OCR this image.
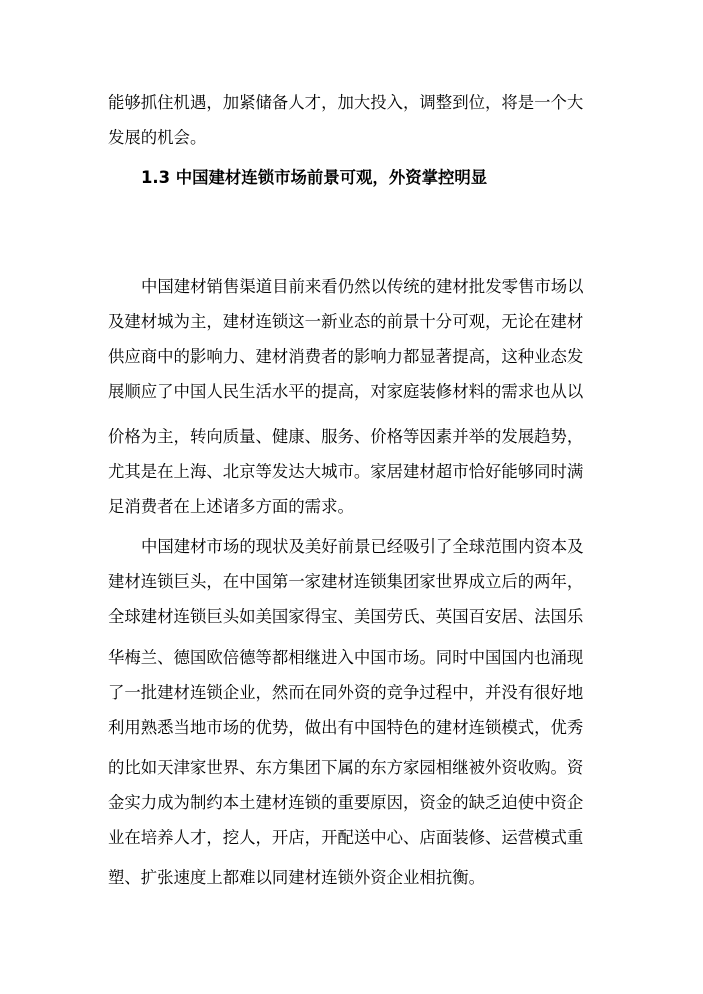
能够抓住机遇，加紧储备人才，加大投入，调整到位，将是一个大
发展的机会。
1.3 中国建材连锁市场前景可观，外资掌控明显
中国建材销售渠道目前来看仍然以传统的建材批发零售市场以
及建材城为主，建材连锁这一新业态的前景十分可观，无论在建材
供应商中的影响力、建材消费者的影响力都显著提高，这种业态发
展顺应了中国人民生活水平的提高，对家庭装修材料的需求也从以
价格为主，转向质量、健康、服务、价格等因素并举的发展趋势，
尤其是在上海、北京等发达大城市。家居建材超市恰好能够同时满
足消费者在上述诸多方面的需求。
中国建材市场的现状及美好前景已经吸引了全球范围内资本及
建材连锁巨头，在中国第一家建材连锁集团家世界成立后的两年，
全球建材连锁巨头如美国家得宝、美国劳氏、英国百安居、法国乐
华梅兰、德国欧倍德等都相继进入中国市场。同时中国国内也涌现
了一批建材连锁企业，然而在同外资的竞争过程中，并没有很好地
利用熟悉当地市场的优势，做出有中国特色的建材连锁模式，优秀
的比如天津家世界、东方集团下属的东方家园相继被外资收购。资
金实力成为制约本土建材连锁的重要原因，资金的缺乏迫使中资企
业在培养人才，挖人，开店，开配送中心、店面装修、运营模式重
塑、扩张速度上都难以同建材连锁外资企业相抗衡。
